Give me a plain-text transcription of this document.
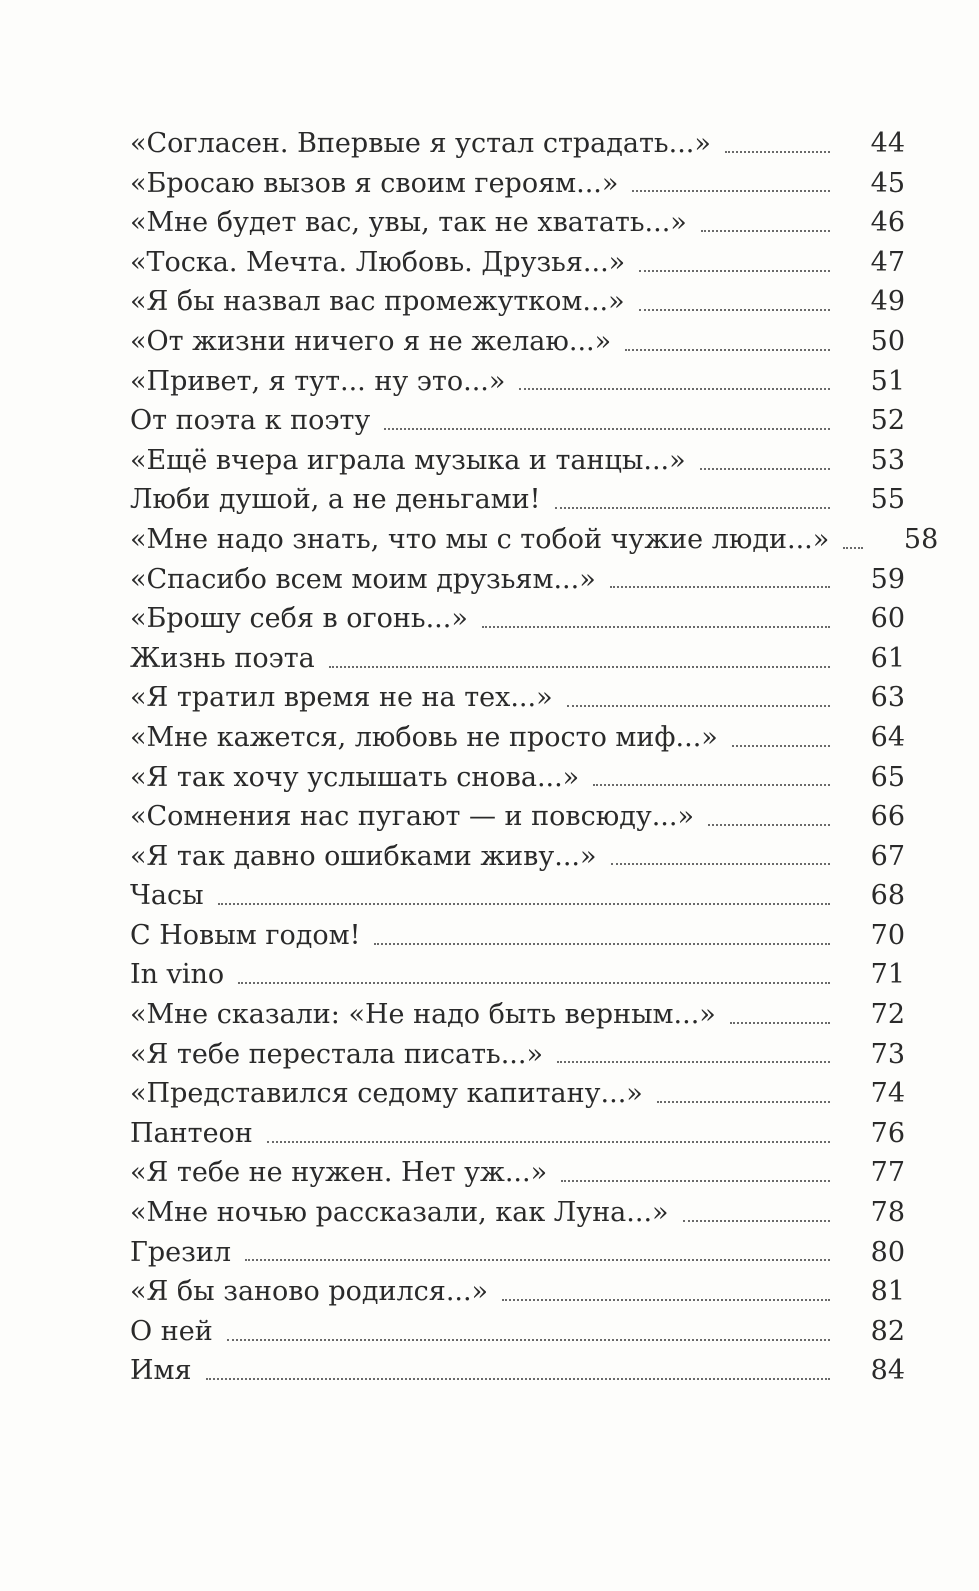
«Согласен. Впервые я устал страдать...»	44
«Бросаю вызов я своим героям...»	45
«Мне будет вас, увы, так не хватать...»	46
«Тоска. Мечта. Любовь. Друзья...»	47
«Я бы назвал вас промежутком...»	49
«От жизни ничего я не желаю...»	50
«Привет, я тут... ну это...»	51
От поэта к поэту	52
«Ещё вчера играла музыка и танцы...»	53
Люби душой, а не деньгами!	55
«Мне надо знать, что мы с тобой чужие люди...»	58
«Спасибо всем моим друзьям...»	59
«Брошу себя в огонь...»	60
Жизнь поэта	61
«Я тратил время не на тех...»	63
«Мне кажется, любовь не просто миф...»	64
«Я так хочу услышать снова...»	65
«Сомнения нас пугают — и повсюду...»	66
«Я так давно ошибками живу...»	67
Часы	68
С Новым годом!	70
In vino	71
«Мне сказали: «Не надо быть верным...»	72
«Я тебе перестала писать...»	73
«Представился седому капитану...»	74
Пантеон	76
«Я тебе не нужен. Нет уж...»	77
«Мне ночью рассказали, как Луна...»	78
Грезил	80
«Я бы заново родился...»	81
О ней	82
Имя	84
